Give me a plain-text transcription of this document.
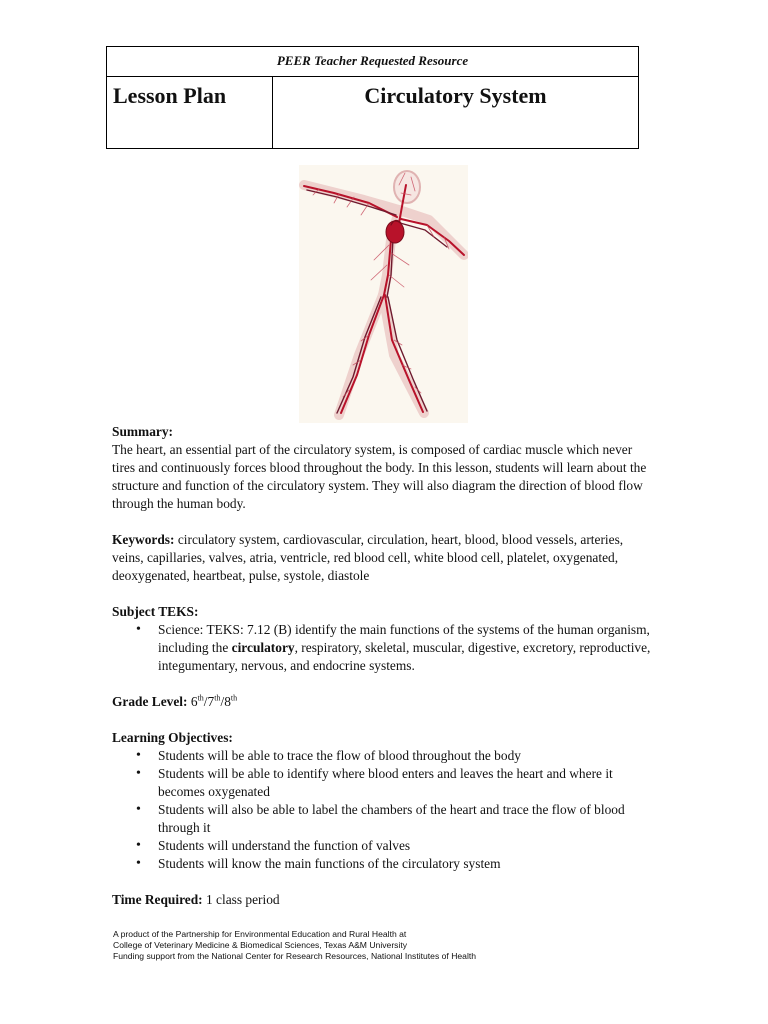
PEER Teacher Requested Resource
Lesson Plan	Circulatory System

Summary:

The heart, an essential part of the circulatory system, is composed of cardiac muscle which never tires and continuously forces blood throughout the body. In this lesson, students will learn about the structure and function of the circulatory system. They will also diagram the direction of blood flow through the human body.

Keywords: circulatory system, cardiovascular, circulation, heart, blood, blood vessels, arteries, veins, capillaries, valves, atria, ventricle, red blood cell, white blood cell, platelet, oxygenated, deoxygenated, heartbeat, pulse, systole, diastole

Subject TEKS:

• Science: TEKS: 7.12 (B) identify the main functions of the systems of the human organism, including the circulatory, respiratory, skeletal, muscular, digestive, excretory, reproductive, integumentary, nervous, and endocrine systems.

Grade Level: 6th/7th/8th

Learning Objectives:

• Students will be able to trace the flow of blood throughout the body
• Students will be able to identify where blood enters and leaves the heart and where it becomes oxygenated
• Students will also be able to label the chambers of the heart and trace the flow of blood through it
• Students will understand the function of valves
• Students will know the main functions of the circulatory system

Time Required: 1 class period

A product of the Partnership for Environmental Education and Rural Health at
College of Veterinary Medicine & Biomedical Sciences, Texas A&M University
Funding support from the National Center for Research Resources, National Institutes of Health
